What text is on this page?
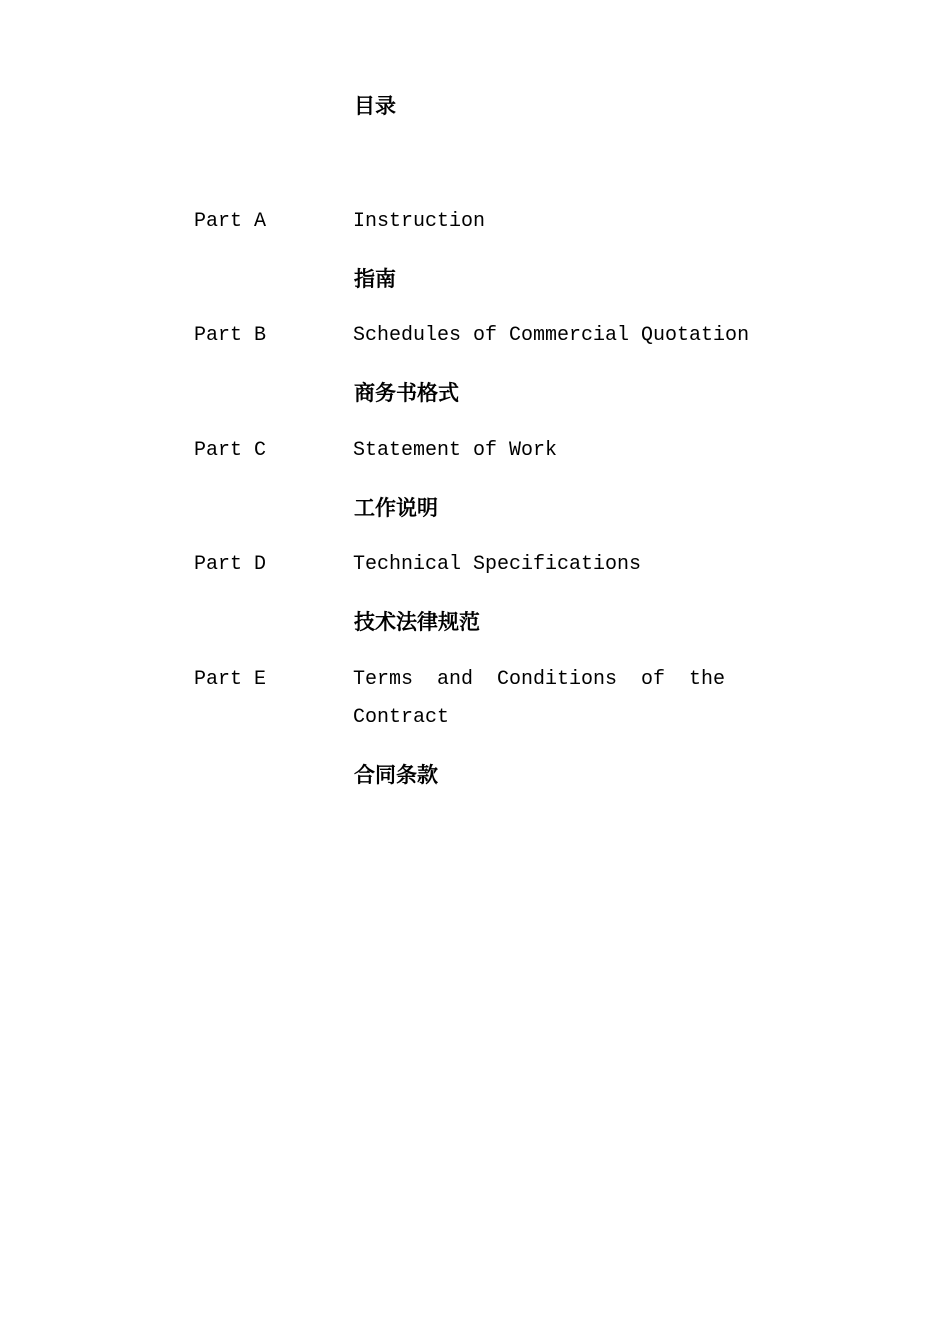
目录
Part A	Instruction
指南
Part B	Schedules of Commercial Quotation
商务书格式
Part C	Statement of Work
工作说明
Part D	Technical Specifications
技术法律规范
Part E	Terms and Conditions of the
Contract
合同条款
